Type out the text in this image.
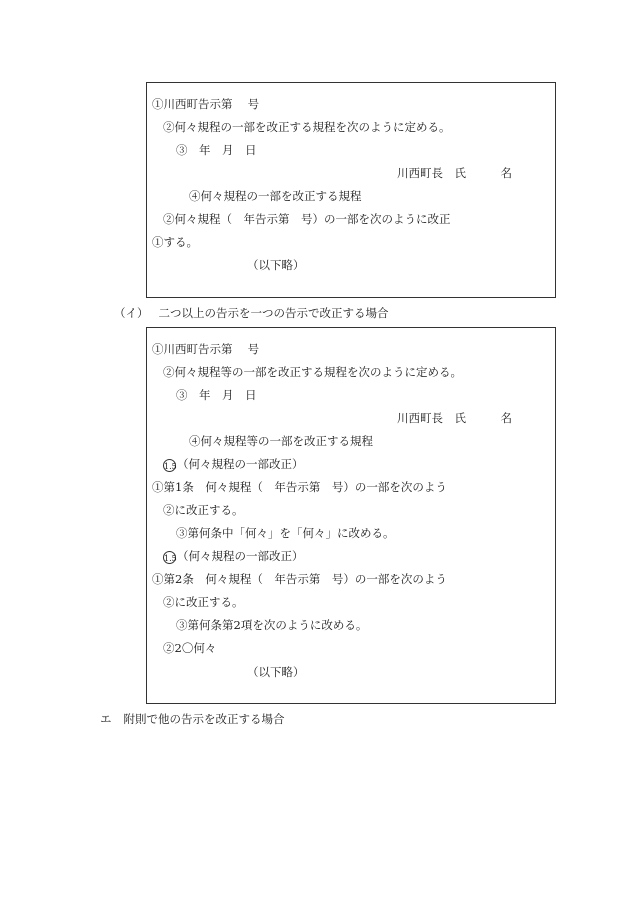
①川西町告示第　 号
②何々規程の一部を改正する規程を次のように定める。
③　年　月　日
川西町長　氏　　　名
④何々規程の一部を改正する規程
②何々規程（　年告示第　号）の一部を次のように改正
①する。
（以下略）
（イ） 二つ以上の告示を一つの告示で改正する場合
①川西町告示第　 号
②何々規程等の一部を改正する規程を次のように定める。
③　年　月　日
川西町長　氏　　　名
④何々規程等の一部を改正する規程
1.5（何々規程の一部改正）
①第1条　何々規程（　年告示第　号）の一部を次のよう
②に改正する。
③第何条中「何々」を「何々」に改める。
1.5（何々規程の一部改正）
①第2条　何々規程（　年告示第　号）の一部を次のよう
②に改正する。
③第何条第2項を次のように改める。
②2〇何々
（以下略）
エ 附則で他の告示を改正する場合
